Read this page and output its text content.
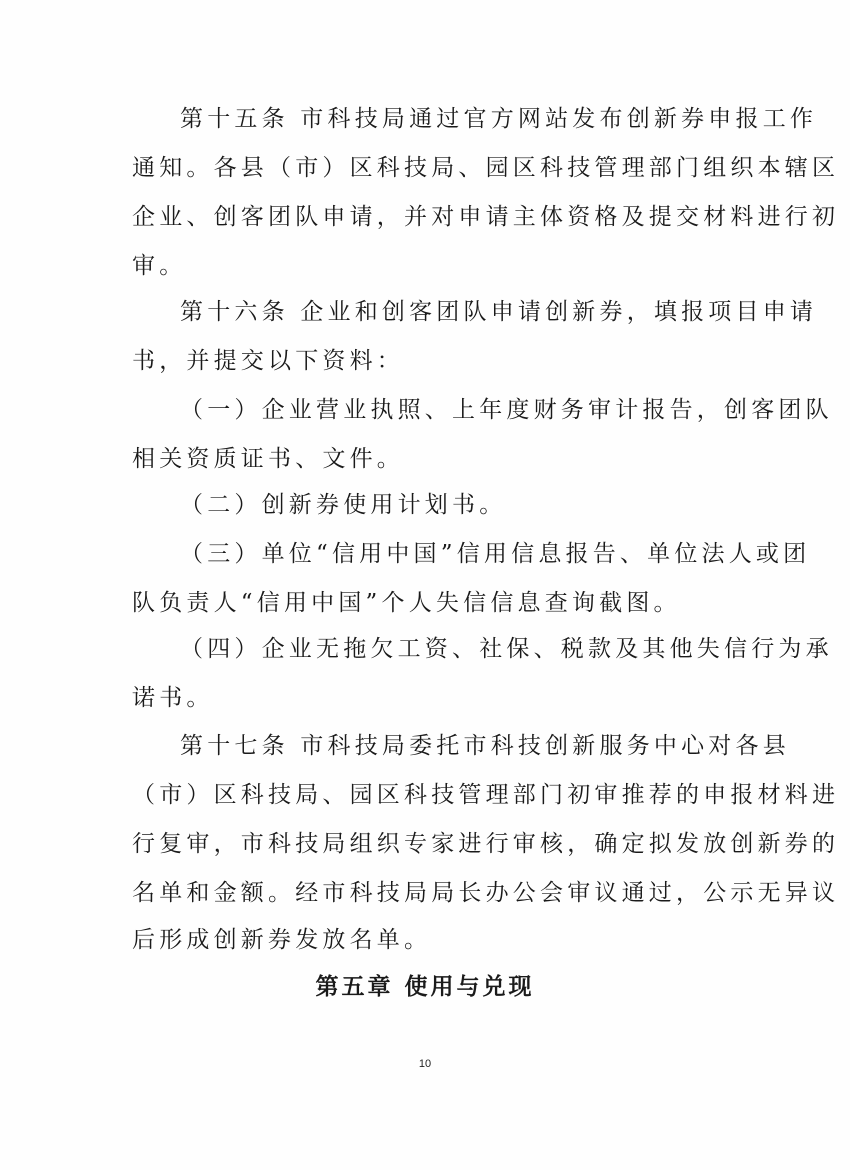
第十五条 市科技局通过官方网站发布创新券申报工作
通知。各县（市）区科技局、园区科技管理部门组织本辖区
企业、创客团队申请，并对申请主体资格及提交材料进行初
审。
第十六条 企业和创客团队申请创新券，填报项目申请
书，并提交以下资料：
（一）企业营业执照、上年度财务审计报告，创客团队
相关资质证书、文件。
（二）创新券使用计划书。
（三）单位“信用中国”信用信息报告、单位法人或团
队负责人“信用中国”个人失信信息查询截图。
（四）企业无拖欠工资、社保、税款及其他失信行为承
诺书。
第十七条 市科技局委托市科技创新服务中心对各县
（市）区科技局、园区科技管理部门初审推荐的申报材料进
行复审，市科技局组织专家进行审核，确定拟发放创新券的
名单和金额。经市科技局局长办公会审议通过，公示无异议
后形成创新券发放名单。
第五章 使用与兑现
10
